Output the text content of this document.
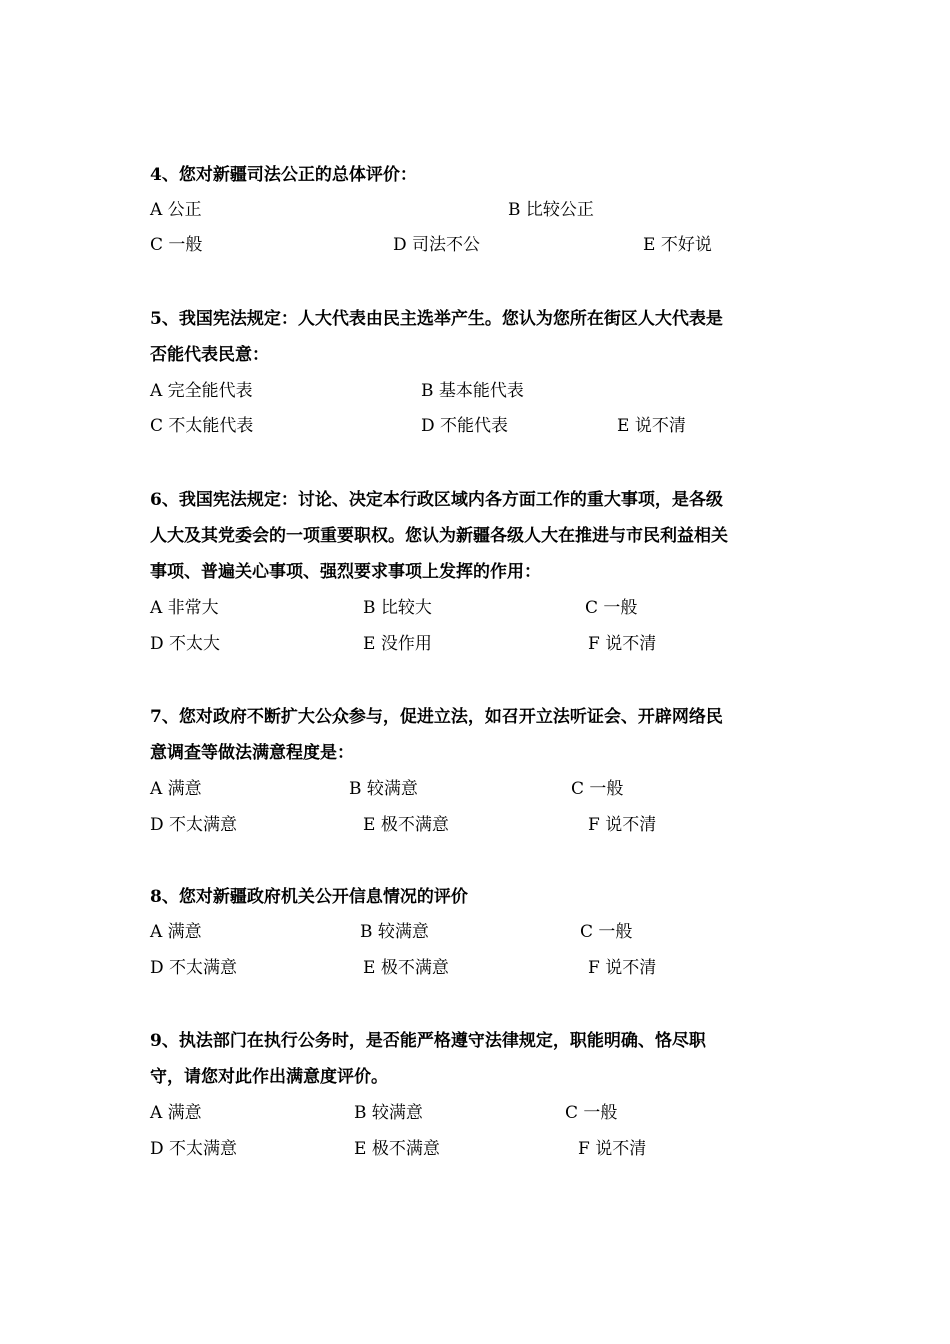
4、您对新疆司法公正的总体评价：
A 公正	B 比较公正
C 一般	D 司法不公	E 不好说
5、我国宪法规定：人大代表由民主选举产生。您认为您所在街区人大代表是
否能代表民意：
A 完全能代表	B 基本能代表
C 不太能代表	D 不能代表	E 说不清
6、我国宪法规定：讨论、决定本行政区域内各方面工作的重大事项，是各级
人大及其党委会的一项重要职权。您认为新疆各级人大在推进与市民利益相关
事项、普遍关心事项、强烈要求事项上发挥的作用：
A 非常大	B 比较大	C 一般
D 不太大	E 没作用	F 说不清
7、您对政府不断扩大公众参与，促进立法，如召开立法听证会、开辟网络民
意调查等做法满意程度是：
A 满意	B 较满意	C 一般
D 不太满意	E 极不满意	F 说不清
8、您对新疆政府机关公开信息情况的评价
A 满意	B 较满意	C 一般
D 不太满意	E 极不满意	F 说不清
9、执法部门在执行公务时，是否能严格遵守法律规定，职能明确、恪尽职
守，请您对此作出满意度评价。
A 满意	B 较满意	C 一般
D 不太满意	E 极不满意	F 说不清
